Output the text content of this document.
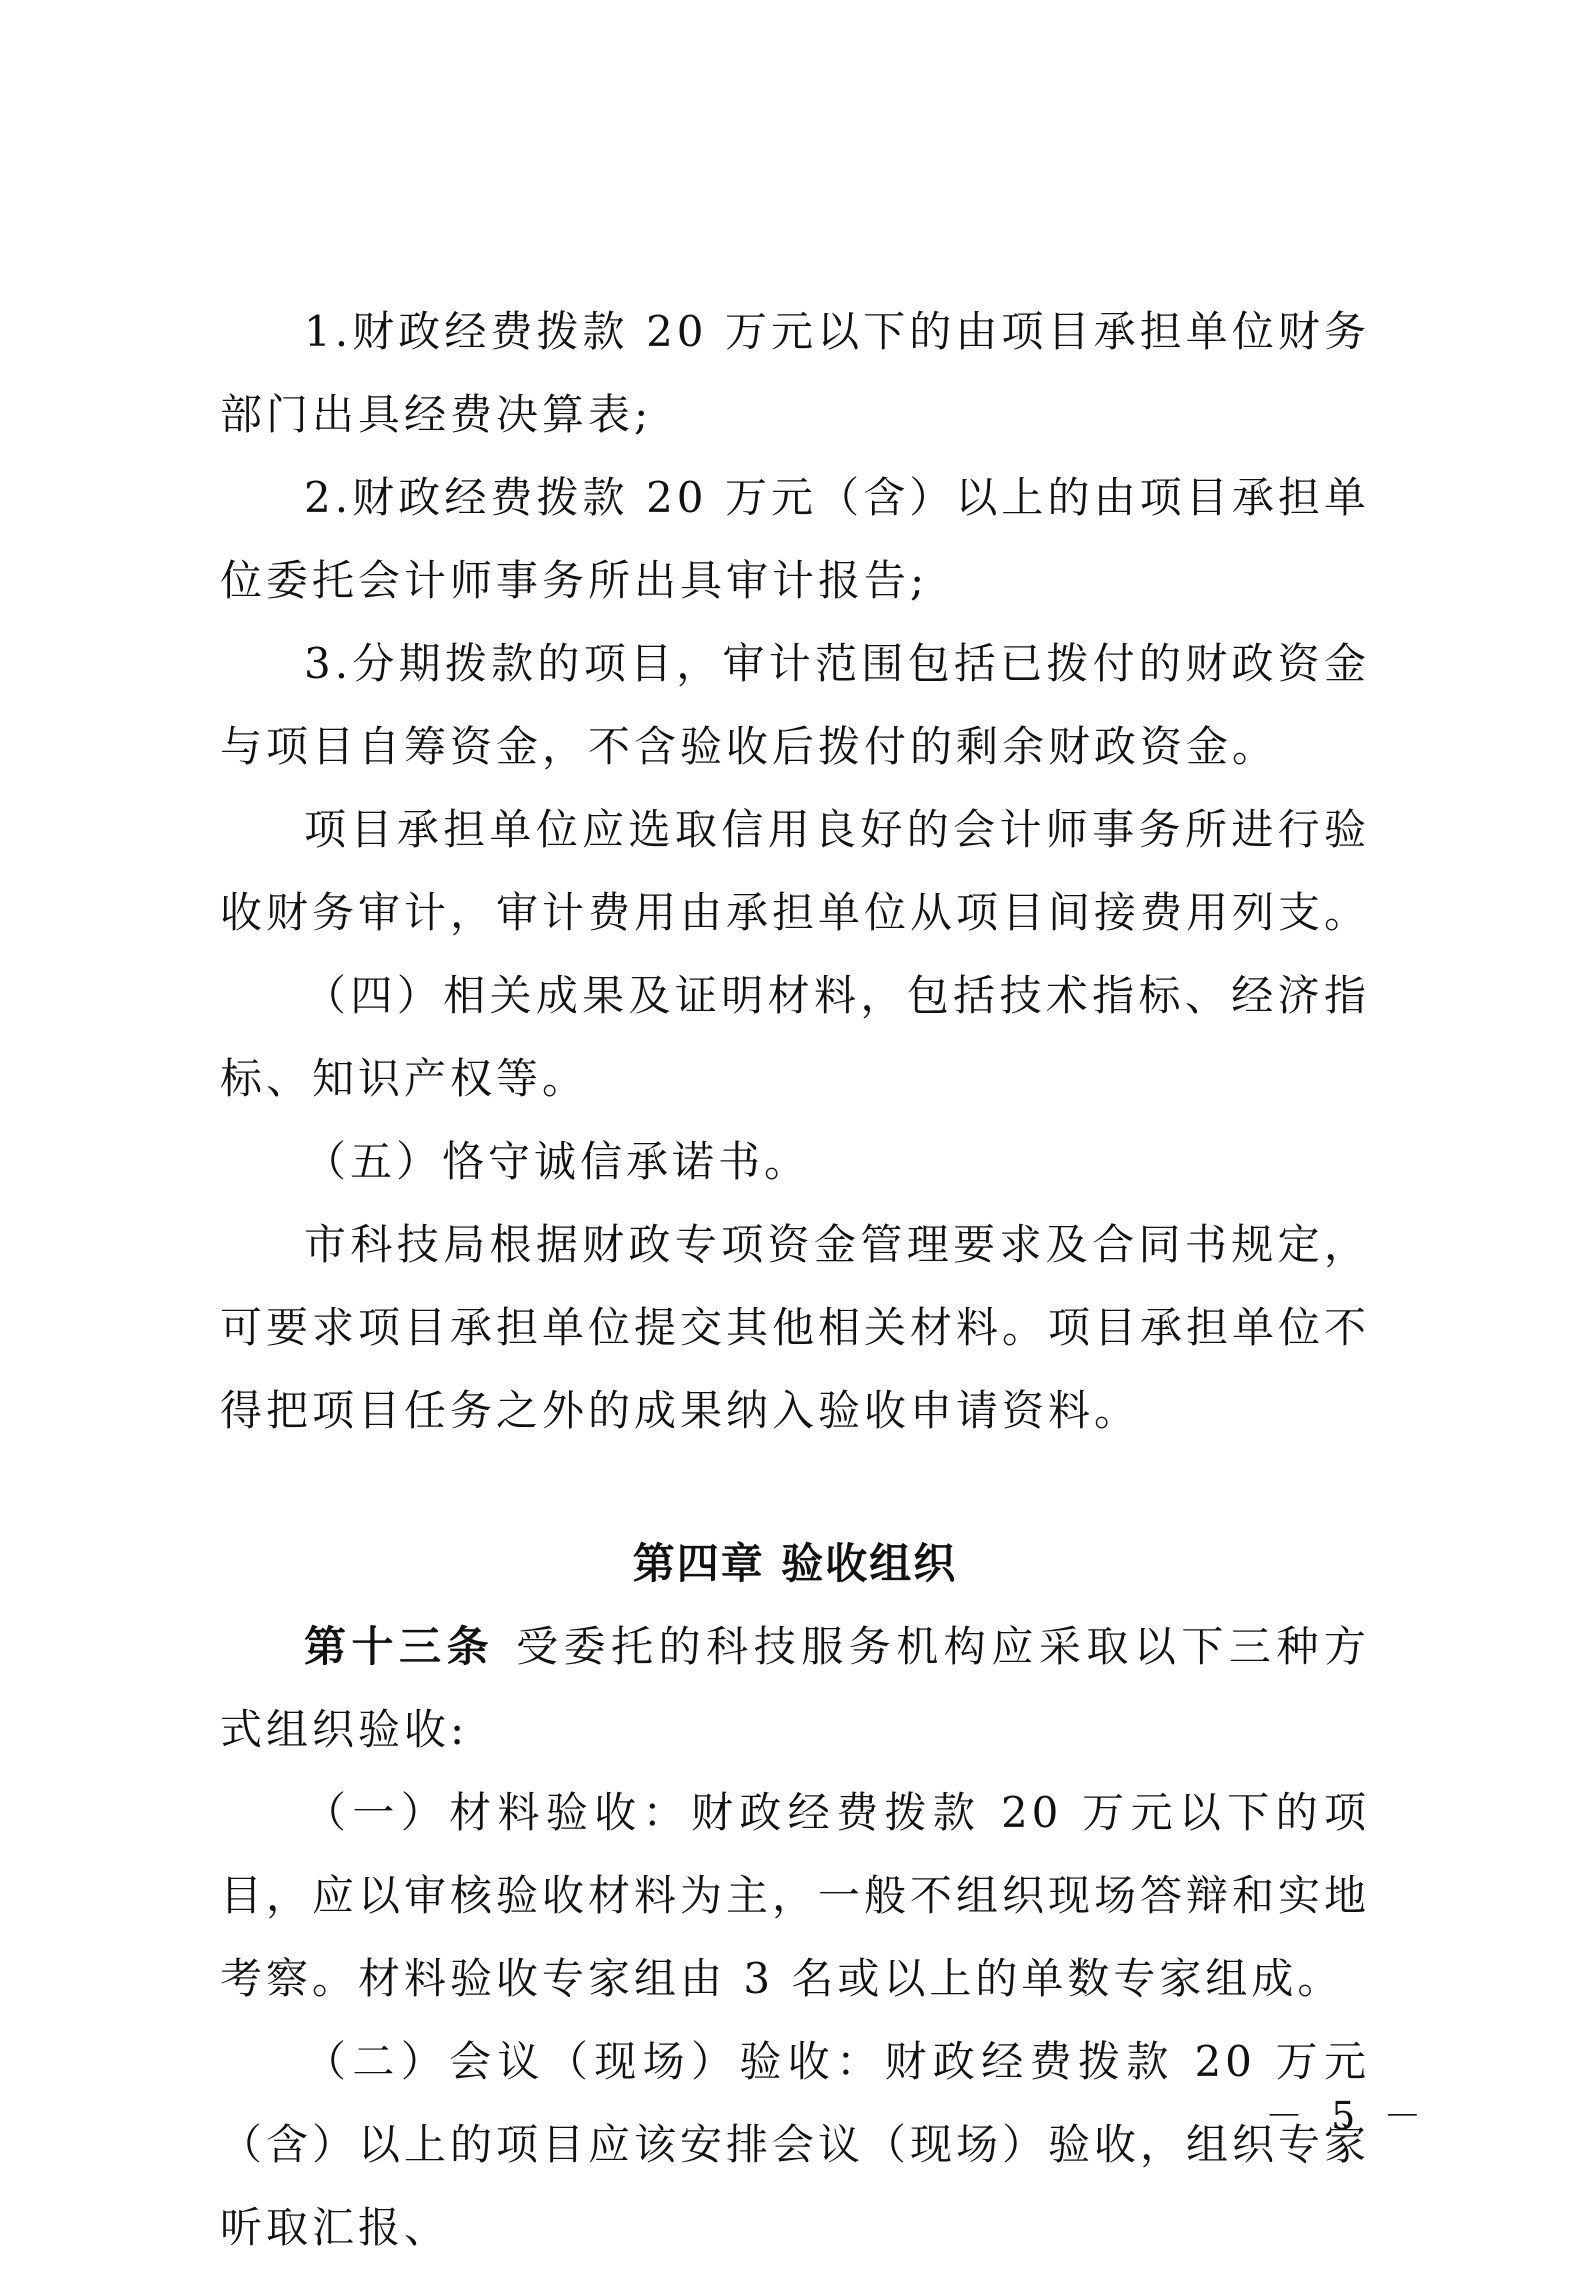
1.财政经费拨款 20 万元以下的由项目承担单位财务部门出具经费决算表;

2.财政经费拨款 20 万元（含）以上的由项目承担单位委托会计师事务所出具审计报告;

3.分期拨款的项目，审计范围包括已拨付的财政资金与项目自筹资金，不含验收后拨付的剩余财政资金。

项目承担单位应选取信用良好的会计师事务所进行验收财务审计，审计费用由承担单位从项目间接费用列支。

（四）相关成果及证明材料，包括技术指标、经济指标、知识产权等。

（五）恪守诚信承诺书。

市科技局根据财政专项资金管理要求及合同书规定，可要求项目承担单位提交其他相关材料。项目承担单位不得把项目任务之外的成果纳入验收申请资料。

第四章 验收组织

第十三条 受委托的科技服务机构应采取以下三种方式组织验收:

（一）材料验收：财政经费拨款 20 万元以下的项目，应以审核验收材料为主，一般不组织现场答辩和实地考察。材料验收专家组由 3 名或以上的单数专家组成。

（二）会议（现场）验收：财政经费拨款 20 万元（含）以上的项目应该安排会议（现场）验收，组织专家听取汇报、

－ 5 －
